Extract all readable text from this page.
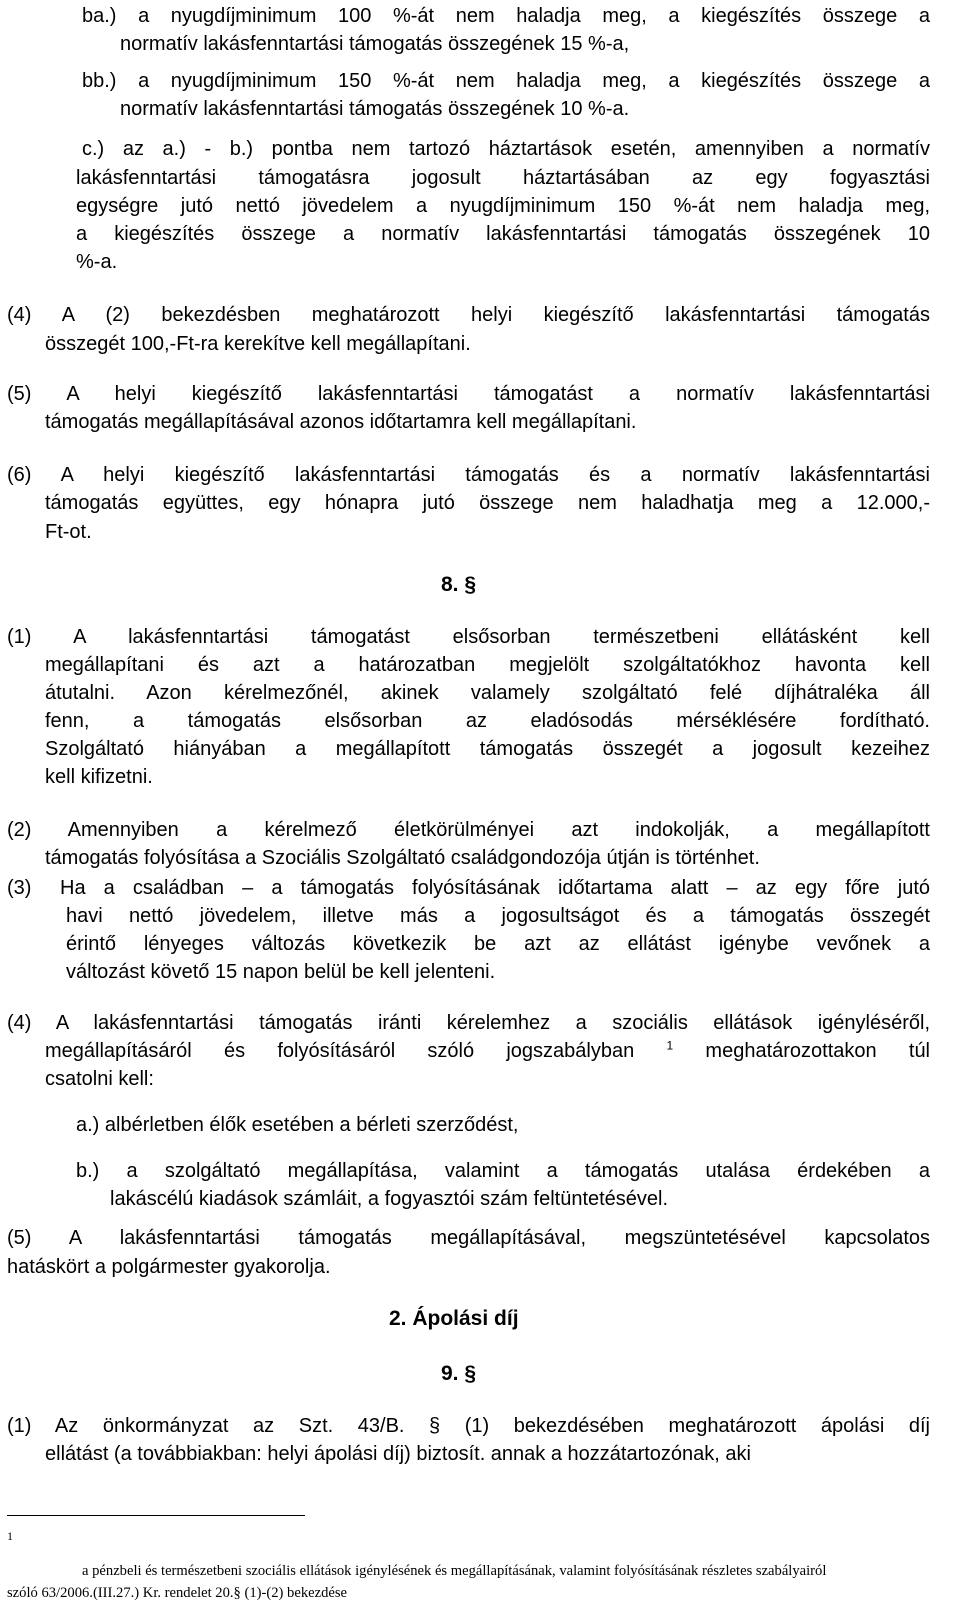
ba.) a nyugdíjminimum 100 %-át nem haladja meg, a kiegészítés összege a
normatív lakásfenntartási támogatás összegének 15 %-a,
bb.) a nyugdíjminimum 150 %-át nem haladja meg, a kiegészítés összege a
normatív lakásfenntartási támogatás összegének 10 %-a.
c.) az a.) - b.) pontba nem tartozó háztartások esetén, amennyiben a normatív
lakásfenntartási támogatásra jogosult háztartásában az egy fogyasztási
egységre jutó nettó jövedelem a nyugdíjminimum 150 %-át nem haladja meg,
a kiegészítés összege a normatív lakásfenntartási támogatás összegének 10
%-a.
(4) A (2) bekezdésben meghatározott helyi kiegészítő lakásfenntartási támogatás
összegét 100,-Ft-ra kerekítve kell megállapítani.
(5) A helyi kiegészítő lakásfenntartási támogatást a normatív lakásfenntartási
támogatás megállapításával azonos időtartamra kell megállapítani.
(6) A helyi kiegészítő lakásfenntartási támogatás és a normatív lakásfenntartási
támogatás együttes, egy hónapra jutó összege nem haladhatja meg a 12.000,-
Ft-ot.
8. §
(1) A lakásfenntartási támogatást elsősorban természetbeni ellátásként kell
megállapítani és azt a határozatban megjelölt szolgáltatókhoz havonta kell
átutalni. Azon kérelmezőnél, akinek valamely szolgáltató felé díjhátraléka áll
fenn, a támogatás elsősorban az eladósodás mérséklésére fordítható.
Szolgáltató hiányában a megállapított támogatás összegét a jogosult kezeihez
kell kifizetni.
(2) Amennyiben a kérelmező életkörülményei azt indokolják, a megállapított
támogatás folyósítása a Szociális Szolgáltató családgondozója útján is történhet.
(3) Ha a családban – a támogatás folyósításának időtartama alatt – az egy főre jutó
havi nettó jövedelem, illetve más a jogosultságot és a támogatás összegét
érintő lényeges változás következik be azt az ellátást igénybe vevőnek a
változást követő 15 napon belül be kell jelenteni.
(4) A lakásfenntartási támogatás iránti kérelemhez a szociális ellátások igényléséről,
megállapításáról és folyósításáról szóló jogszabályban	$^1$ meghatározottakon túl
csatolni kell:
a.) albérletben élők esetében a bérleti szerződést,
b.) a szolgáltató megállapítása, valamint a támogatás utalása érdekében a
lakáscélú kiadások számláit, a fogyasztói szám feltüntetésével.
(5) A lakásfenntartási támogatás megállapításával, megszüntetésével kapcsolatos
hatáskört a polgármester gyakorolja.
2. Ápolási díj
9. §
(1) Az önkormányzat az Szt. 43/B. § (1) bekezdésében meghatározott ápolási díj
ellátást (a továbbiakban: helyi ápolási díj) biztosít. annak a hozzátartozónak, aki
1
a pénzbeli és természetbeni szociális ellátások igénylésének és megállapításának, valamint folyósításának részletes szabályairól
szóló 63/2006.(III.27.) Kr. rendelet 20.§ (1)-(2) bekezdése
